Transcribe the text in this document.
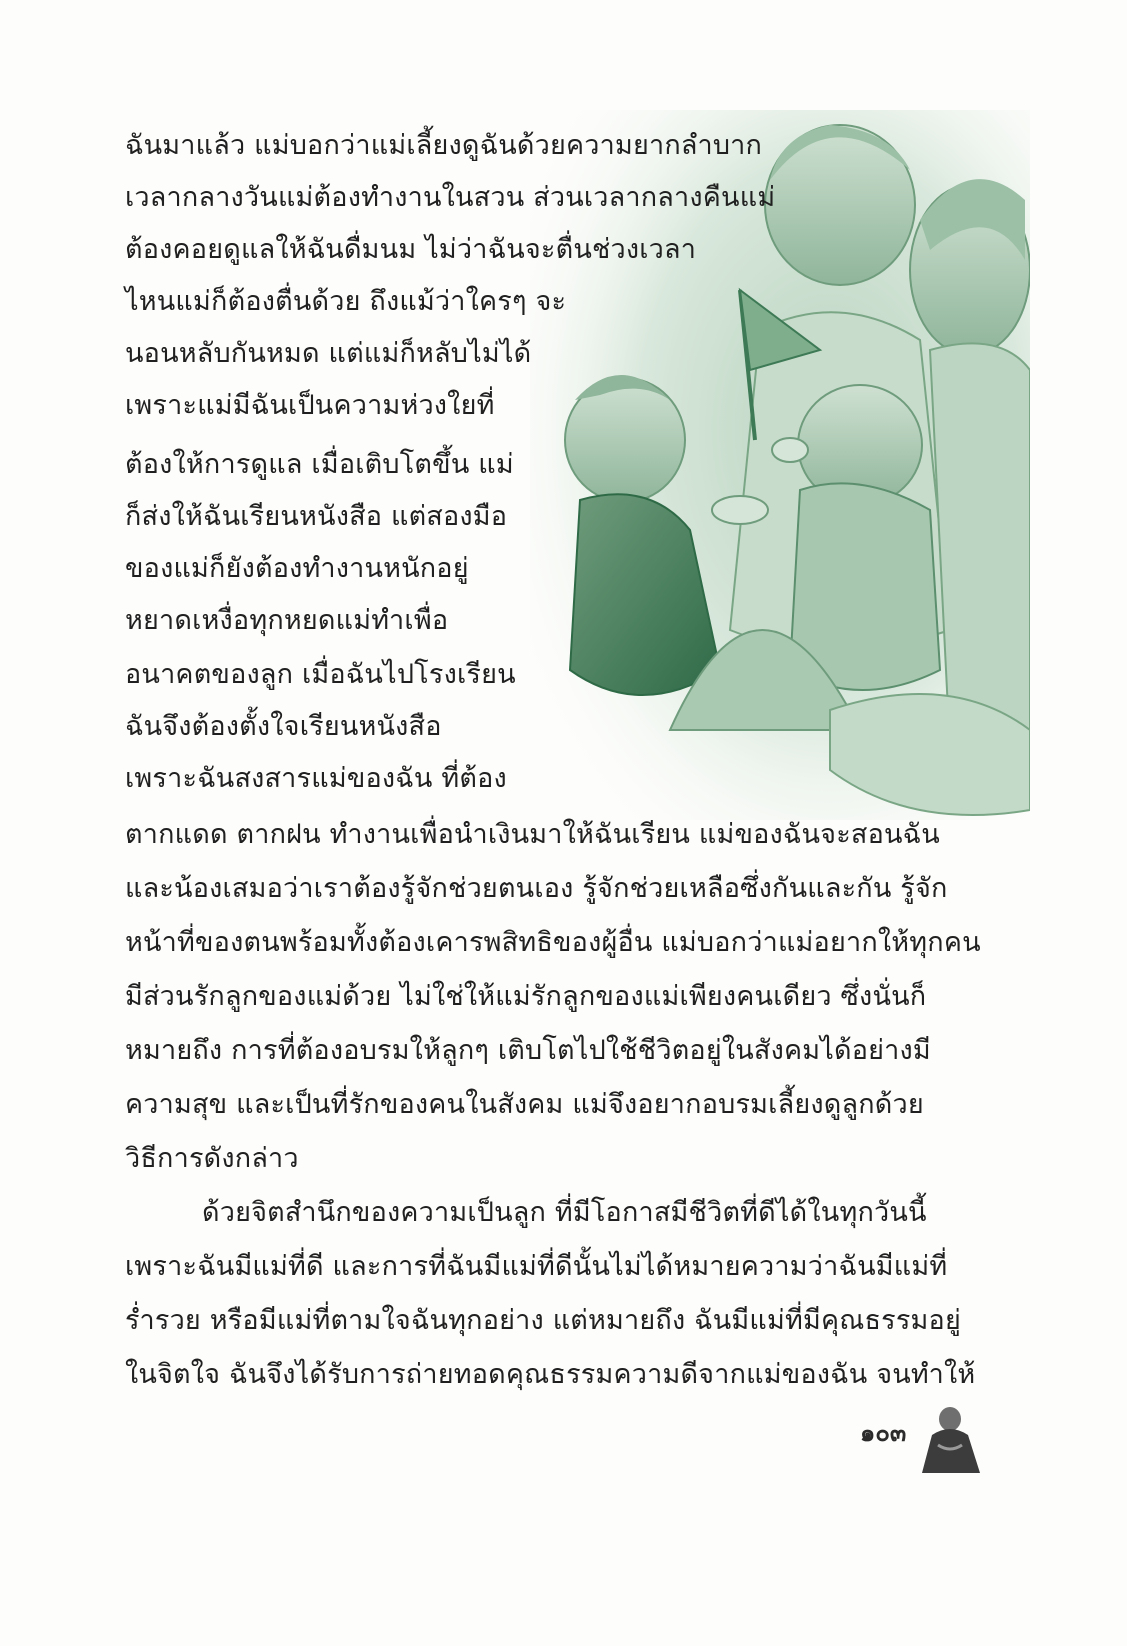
ฉันมาแล้ว แม่บอกว่าแม่เลี้ยงดูฉันด้วยความยากลำบาก
เวลากลางวันแม่ต้องทำงานในสวน ส่วนเวลากลางคืนแม่
ต้องคอยดูแลให้ฉันดื่มนม ไม่ว่าฉันจะตื่นช่วงเวลา
ไหนแม่ก็ต้องตื่นด้วย ถึงแม้ว่าใครๆ จะ
นอนหลับกันหมด แต่แม่ก็หลับไม่ได้
เพราะแม่มีฉันเป็นความห่วงใยที่
ต้องให้การดูแล เมื่อเติบโตขึ้น แม่
ก็ส่งให้ฉันเรียนหนังสือ แต่สองมือ
ของแม่ก็ยังต้องทำงานหนักอยู่
หยาดเหงื่อทุกหยดแม่ทำเพื่อ
อนาคตของลูก เมื่อฉันไปโรงเรียน
ฉันจึงต้องตั้งใจเรียนหนังสือ
เพราะฉันสงสารแม่ของฉัน ที่ต้อง
ตากแดด ตากฝน ทำงานเพื่อนำเงินมาให้ฉันเรียน แม่ของฉันจะสอนฉัน
และน้องเสมอว่าเราต้องรู้จักช่วยตนเอง รู้จักช่วยเหลือซึ่งกันและกัน รู้จัก
หน้าที่ของตนพร้อมทั้งต้องเคารพสิทธิของผู้อื่น แม่บอกว่าแม่อยากให้ทุกคน
มีส่วนรักลูกของแม่ด้วย ไม่ใช่ให้แม่รักลูกของแม่เพียงคนเดียว ซึ่งนั่นก็
หมายถึง การที่ต้องอบรมให้ลูกๆ เติบโตไปใช้ชีวิตอยู่ในสังคมได้อย่างมี
ความสุข และเป็นที่รักของคนในสังคม แม่จึงอยากอบรมเลี้ยงดูลูกด้วย
วิธีการดังกล่าว
ด้วยจิตสำนึกของความเป็นลูก ที่มีโอกาสมีชีวิตที่ดีได้ในทุกวันนี้
เพราะฉันมีแม่ที่ดี และการที่ฉันมีแม่ที่ดีนั้นไม่ได้หมายความว่าฉันมีแม่ที่
ร่ำรวย หรือมีแม่ที่ตามใจฉันทุกอย่าง แต่หมายถึง ฉันมีแม่ที่มีคุณธรรมอยู่
ในจิตใจ ฉันจึงได้รับการถ่ายทอดคุณธรรมความดีจากแม่ของฉัน จนทำให้
๑๐๓
